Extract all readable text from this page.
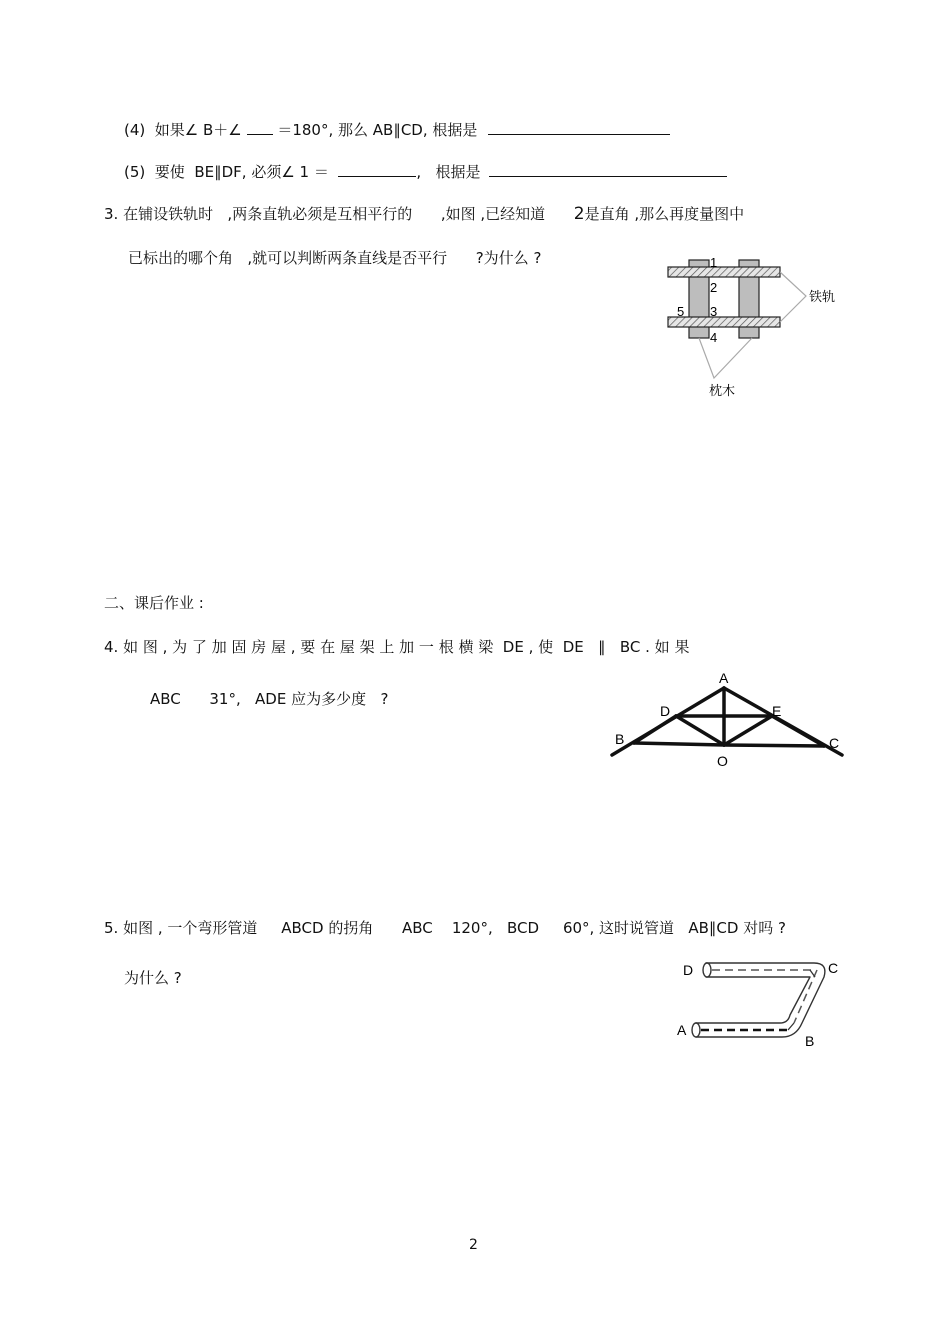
(4) 如果∠ B＋∠ ＝180°, 那么 AB∥CD, 根据是
(5) 要使 BE∥DF, 必须∠ 1 ＝	, 根据是
3. 在铺设铁轨时 ,两条直轨必须是互相平行的 ,如图 ,已经知道 2是直角 ,那么再度量图中
已标出的哪个角 ,就可以判断两条直线是否平行 ?为什么 ?	1
2
3
4
5
铁轨
枕木
二、课后作业 :
4. 如 图 , 为 了 加 固 房 屋 , 要 在 屋 架 上 加 一 根 横 梁 DE , 使 DE ∥ BC . 如 果
ABC 31°, ADE 应为多少度 ?
A
D	E
B	C
O
5. 如图 , 一个弯形管道 ABCD 的拐角 ABC 120°, BCD 60°, 这时说管道 AB∥CD 对吗 ?
为什么 ?	D	C
A
B
2
